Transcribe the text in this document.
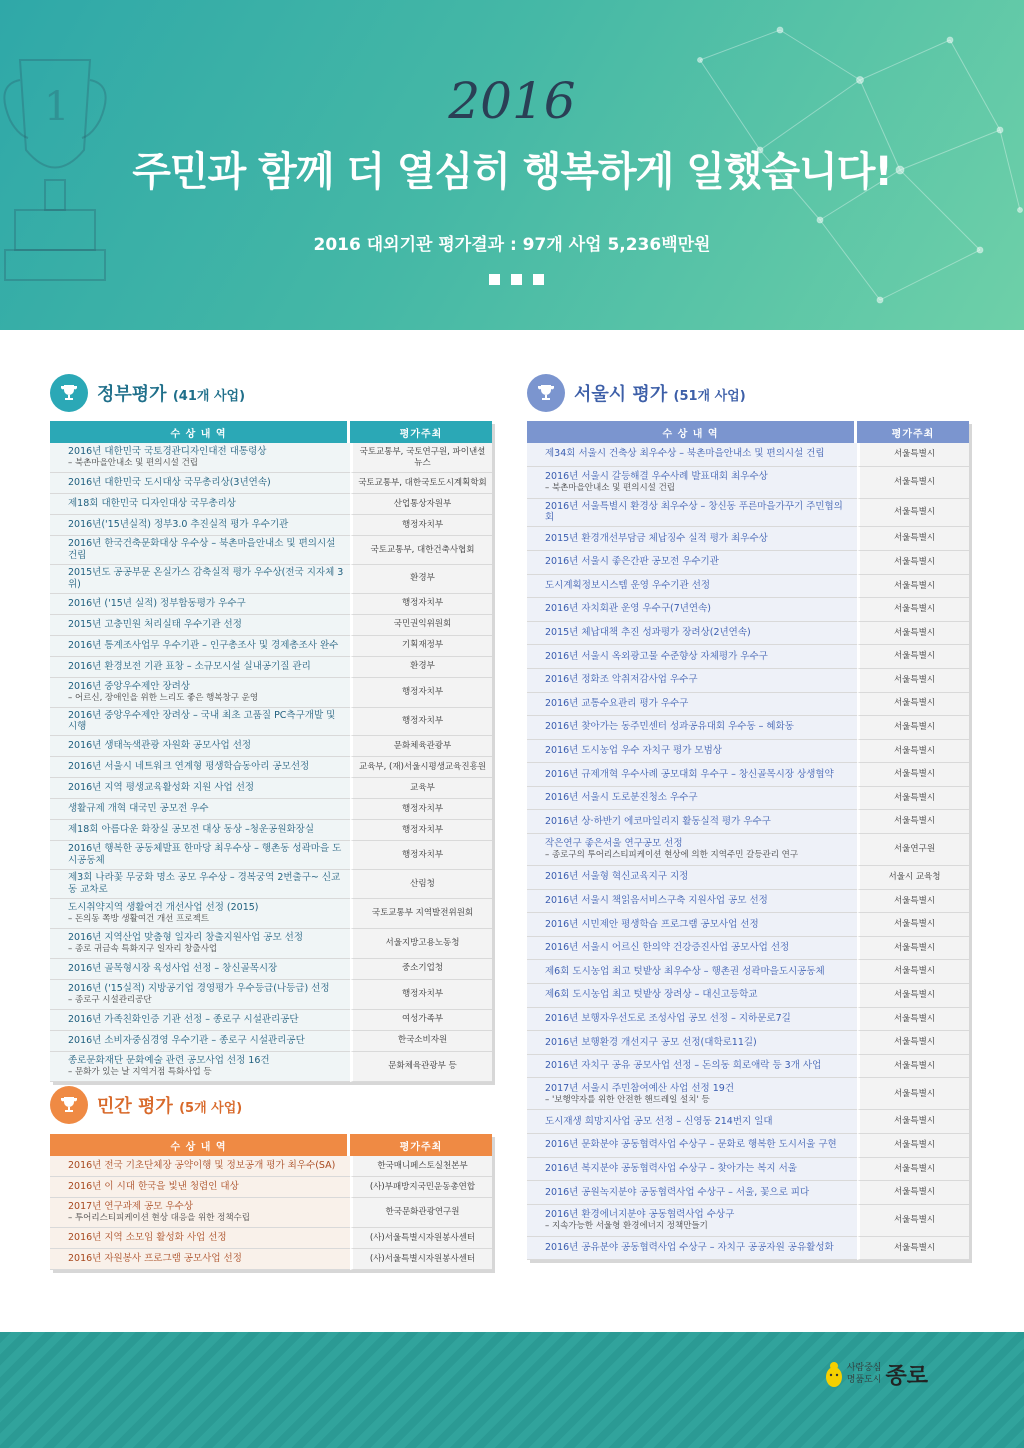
1	2016
주민과 함께 더 열심히 행복하게 일했습니다!
2016 대외기관 평가결과 : 97개 사업 5,236백만원
정부평가 (41개 사업)
수 상 내 역	평가주최

2016년 대한민국 국토경관디자인대전 대통령상
– 북촌마을안내소 및 편의시설 건립	국토교통부, 국토연구원, 파이낸셜뉴스

2016년 대한민국 도시대상 국무총리상(3년연속)	국토교통부, 대한국토도시계획학회

제18회 대한민국 디자인대상 국무총리상	산업통상자원부

2016년('15년실적) 정부3.0 추진실적 평가 우수기관	행정자치부

2016년 한국건축문화대상 우수상 – 북촌마을안내소 및 편의시설 건립	국토교통부, 대한건축사협회

2015년도 공공부문 온실가스 감축실적 평가 우수상(전국 지자체 3위)	환경부

2016년 ('15년 실적) 정부합동평가 우수구	행정자치부

2015년 고충민원 처리실태 우수기관 선정	국민권익위원회

2016년 통계조사업무 우수기관 – 인구총조사 및 경제총조사 완수	기획재정부

2016년 환경보전 기관 표창 – 소규모시설 실내공기질 관리	환경부

2016년 중앙우수제안 장려상
– 어르신, 장애인을 위한 느리도 좋은 행복창구 운영	행정자치부

2016년 중앙우수제안 장려상 – 국내 최초 고품질 PC측구개발 및 시행	행정자치부

2016년 생태녹색관광 자원화 공모사업 선정	문화체육관광부

2016년 서울시 네트워크 연계형 평생학습동아리 공모선정	교육부, (재)서울시평생교육진흥원

2016년 지역 평생교육활성화 지원 사업 선정	교육부

생활규제 개혁 대국민 공모전 우수	행정자치부

제18회 아름다운 화장실 공모전 대상 동상 –청운공원화장실	행정자치부

2016년 행복한 공동체발표 한마당 최우수상 – 행촌동 성곽마을 도시공동체	행정자치부

제3회 나라꽃 무궁화 명소 공모 우수상 – 경복궁역 2번출구~ 신교동 교차로	산림청

도시취약지역 생활여건 개선사업 선정 (2015)
– 돈의동 쪽방 생활여건 개선 프로젝트	국토교통부 지역발전위원회

2016년 지역산업 맞춤형 일자리 창출지원사업 공모 선정
– 종로 귀금속 특화지구 일자리 창출사업	서울지방고용노동청

2016년 골목형시장 육성사업 선정 – 창신골목시장	중소기업청

2016년 ('15실적) 지방공기업 경영평가 우수등급(나등급) 선정
– 종로구 시설관리공단	행정자치부

2016년 가족친화인증 기관 선정 – 종로구 시설관리공단	여성가족부

2016년 소비자중심경영 우수기관 – 종로구 시설관리공단	한국소비자원

종로문화재단 문화예술 관련 공모사업 선정 16건
– 문화가 있는 날 지역거점 특화사업 등	문화체육관광부 등
민간 평가 (5개 사업)
수 상 내 역	평가주최

2016년 전국 기초단체장 공약이행 및 정보공개 평가 최우수(SA)	한국매니페스토실천본부

2016년 이 시대 한국을 빛낸 청렴인 대상	(사)부패방지국민운동총연합

2017년 연구과제 공모 우수상
– 투어리스티피케이션 현상 대응을 위한 정책수립	한국문화관광연구원

2016년 지역 소모임 활성화 사업 선정	(사)서울특별시자원봉사센터

2016년 자원봉사 프로그램 공모사업 선정	(사)서울특별시자원봉사센터
서울시 평가 (51개 사업)
수 상 내 역	평가주최

제34회 서울시 건축상 최우수상 – 북촌마을안내소 및 편의시설 건립	서울특별시

2016년 서울시 갈등해결 우수사례 발표대회 최우수상
– 북촌마을안내소 및 편의시설 건립	서울특별시

2016년 서울특별시 환경상 최우수상 – 창신동 푸른마을가꾸기 주민협의회	서울특별시

2015년 환경개선부담금 체납징수 실적 평가 최우수상	서울특별시

2016년 서울시 좋은간판 공모전 우수기관	서울특별시

도시계획정보시스템 운영 우수기관 선정	서울특별시

2016년 자치회관 운영 우수구(7년연속)	서울특별시

2015년 체납대책 추진 성과평가 장려상(2년연속)	서울특별시

2016년 서울시 옥외광고물 수준향상 자체평가 우수구	서울특별시

2016년 정화조 악취저감사업 우수구	서울특별시

2016년 교통수요관리 평가 우수구	서울특별시

2016년 찾아가는 동주민센터 성과공유대회 우수동 – 혜화동	서울특별시

2016년 도시농업 우수 자치구 평가 모범상	서울특별시

2016년 규제개혁 우수사례 공모대회 우수구 – 창신골목시장 상생협약	서울특별시

2016년 서울시 도로분진청소 우수구	서울특별시

2016년 상·하반기 에코마일리지 활동실적 평가 우수구	서울특별시

작은연구 좋은서울 연구공모 선정
– 종로구의 투어리스티피케이션 현상에 의한 지역주민 갈등관리 연구	서울연구원

2016년 서울형 혁신교육지구 지정	서울시 교육청

2016년 서울시 책읽음서비스구축 지원사업 공모 선정	서울특별시

2016년 시민제안 평생학습 프로그램 공모사업 선정	서울특별시

2016년 서울시 어르신 한의약 건강증진사업 공모사업 선정	서울특별시

제6회 도시농업 최고 텃밭상 최우수상 – 행촌권 성곽마을도시공동체	서울특별시

제6회 도시농업 최고 텃밭상 장려상 – 대신고등학교	서울특별시

2016년 보행자우선도로 조성사업 공모 선정 – 지하문로7길	서울특별시

2016년 보행환경 개선지구 공모 선정(대학로11길)	서울특별시

2016년 자치구 공유 공모사업 선정 – 돈의동 희로애락 등 3개 사업	서울특별시

2017년 서울시 주민참여예산 사업 선정 19건
– '보행약자를 위한 안전한 핸드레일 설치' 등	서울특별시

도시재생 희망지사업 공모 선정 – 신영동 214번지 일대	서울특별시

2016년 문화분야 공동협력사업 수상구 – 문화로 행복한 도시서울 구현	서울특별시

2016년 복지분야 공동협력사업 수상구 – 찾아가는 복지 서울	서울특별시

2016년 공원녹지분야 공동협력사업 수상구 – 서울, 꽃으로 피다	서울특별시

2016년 환경에너지분야 공동협력사업 수상구
– 지속가능한 서울형 환경에너지 정책만들기	서울특별시

2016년 공유분야 공동협력사업 수상구 – 자치구 공공자원 공유활성화	서울특별시
사람중심
명품도시 종로
